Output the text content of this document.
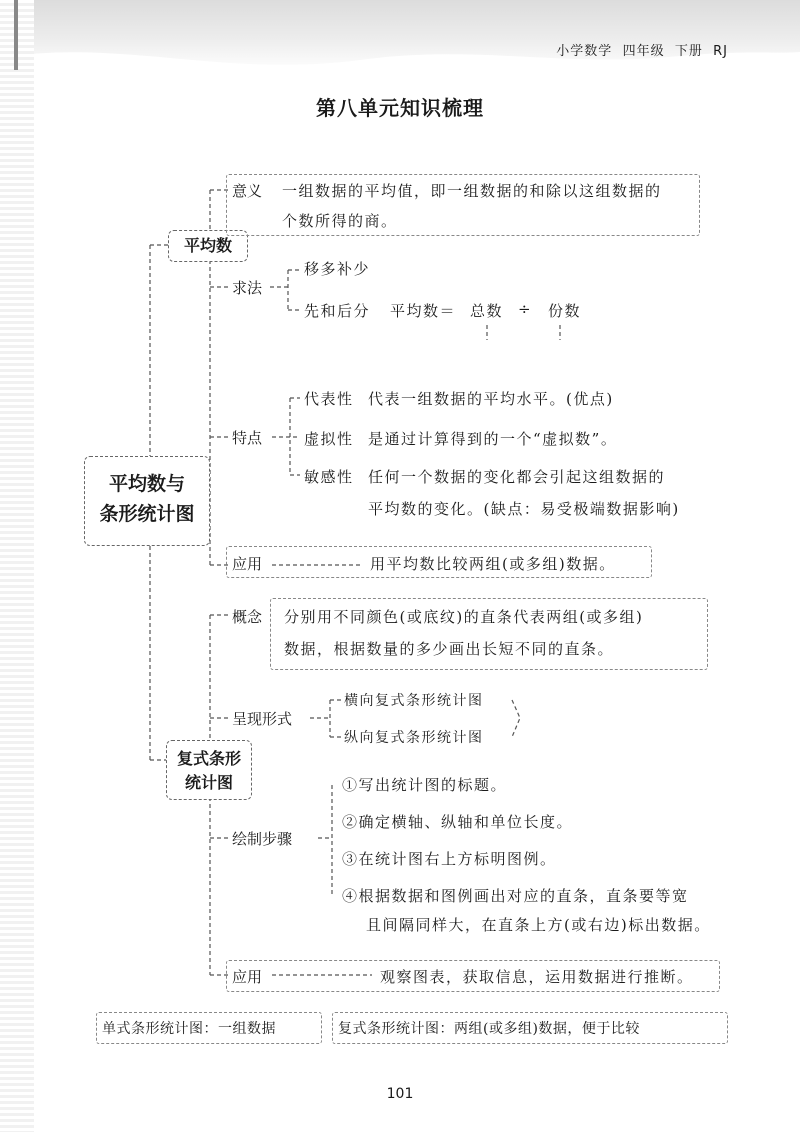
小学数学 四年级 下册 RJ
第八单元知识梳理
平均数与
条形统计图
平均数
意义 一组数据的平均值，即一组数据的和除以这组数据的
个数所得的商。
求法
移多补少
先和后分 平均数＝ 总数 ÷ 份数
特点
代表性 代表一组数据的平均水平。(优点)
虚拟性 是通过计算得到的一个“虚拟数”。
敏感性 任何一个数据的变化都会引起这组数据的
平均数的变化。(缺点：易受极端数据影响)
应用	用平均数比较两组(或多组)数据。
复式条形
统计图
概念 分别用不同颜色(或底纹)的直条代表两组(或多组)
数据，根据数量的多少画出长短不同的直条。
呈现形式
横向复式条形统计图
纵向复式条形统计图
绘制步骤
①写出统计图的标题。
②确定横轴、纵轴和单位长度。
③在统计图右上方标明图例。
④根据数据和图例画出对应的直条，直条要等宽
且间隔同样大，在直条上方(或右边)标出数据。
应用	观察图表，获取信息，运用数据进行推断。
单式条形统计图：一组数据	复式条形统计图：两组(或多组)数据，便于比较
101
